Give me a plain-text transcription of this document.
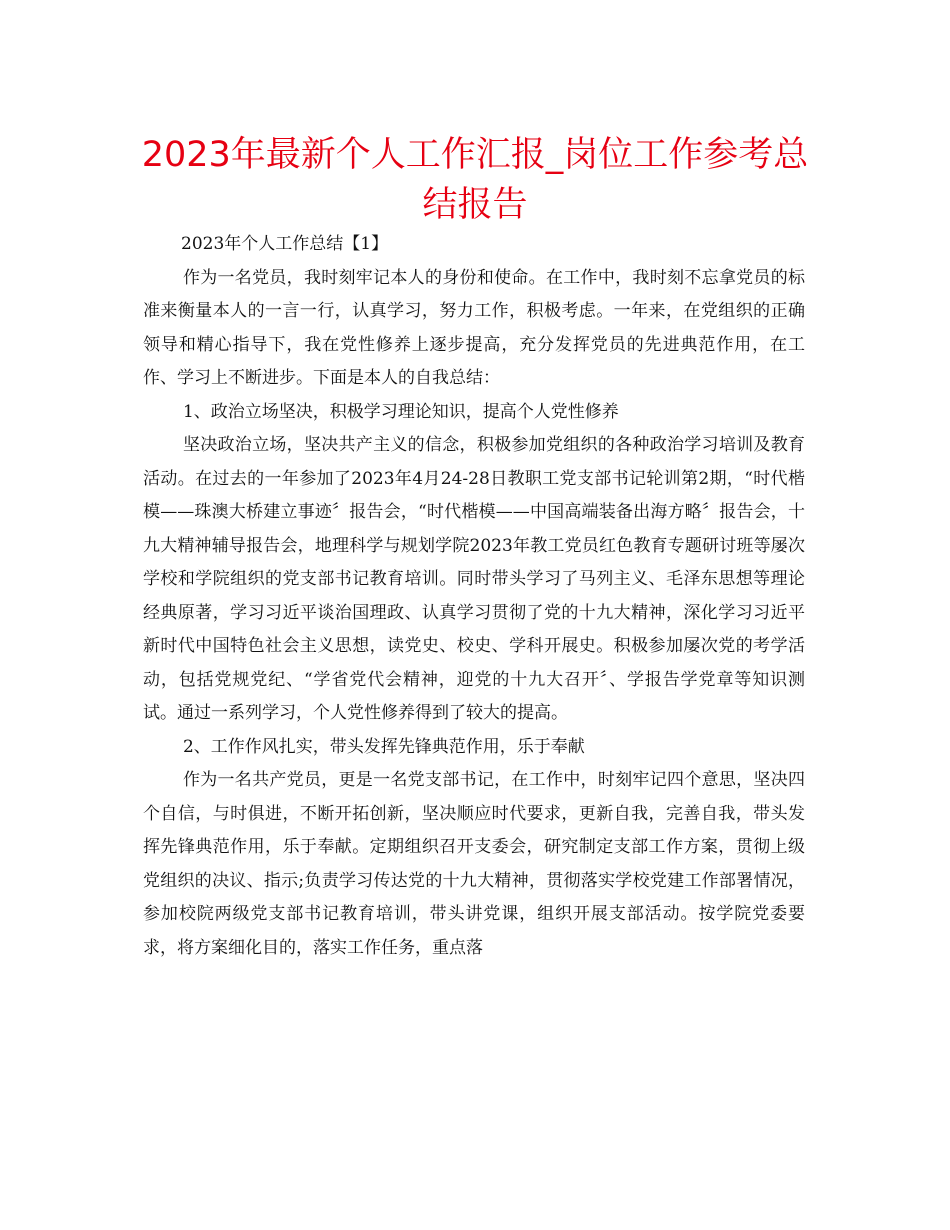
2023年最新个人工作汇报_岗位工作参考总结报告

2023年个人工作总结【1】

作为一名党员，我时刻牢记本人的身份和使命。在工作中，我时刻不忘拿党员的标准来衡量本人的一言一行，认真学习，努力工作，积极考虑。一年来，在党组织的正确领导和精心指导下，我在党性修养上逐步提高，充分发挥党员的先进典范作用，在工作、学习上不断进步。下面是本人的自我总结：

1、政治立场坚决，积极学习理论知识，提高个人党性修养

坚决政治立场，坚决共产主义的信念，积极参加党组织的各种政治学习培训及教育活动。在过去的一年参加了2023年4月24-28日教职工党支部书记轮训第2期，“时代楷模——珠澳大桥建立事迹〞报告会，“时代楷模——中国高端装备出海方略〞报告会，十九大精神辅导报告会，地理科学与规划学院2023年教工党员红色教育专题研讨班等屡次学校和学院组织的党支部书记教育培训。同时带头学习了马列主义、毛泽东思想等理论经典原著，学习习近平谈治国理政、认真学习贯彻了党的十九大精神，深化学习习近平新时代中国特色社会主义思想，读党史、校史、学科开展史。积极参加屡次党的考学活动，包括党规党纪、“学省党代会精神，迎党的十九大召开〞、学报告学党章等知识测试。通过一系列学习，个人党性修养得到了较大的提高。

2、工作作风扎实，带头发挥先锋典范作用，乐于奉献

作为一名共产党员，更是一名党支部书记，在工作中，时刻牢记四个意思，坚决四个自信，与时俱进，不断开拓创新，坚决顺应时代要求，更新自我，完善自我，带头发挥先锋典范作用，乐于奉献。定期组织召开支委会，研究制定支部工作方案，贯彻上级党组织的决议、指示;负责学习传达党的十九大精神，贯彻落实学校党建工作部署情况，参加校院两级党支部书记教育培训，带头讲党课，组织开展支部活动。按学院党委要求，将方案细化目的，落实工作任务，重点落
